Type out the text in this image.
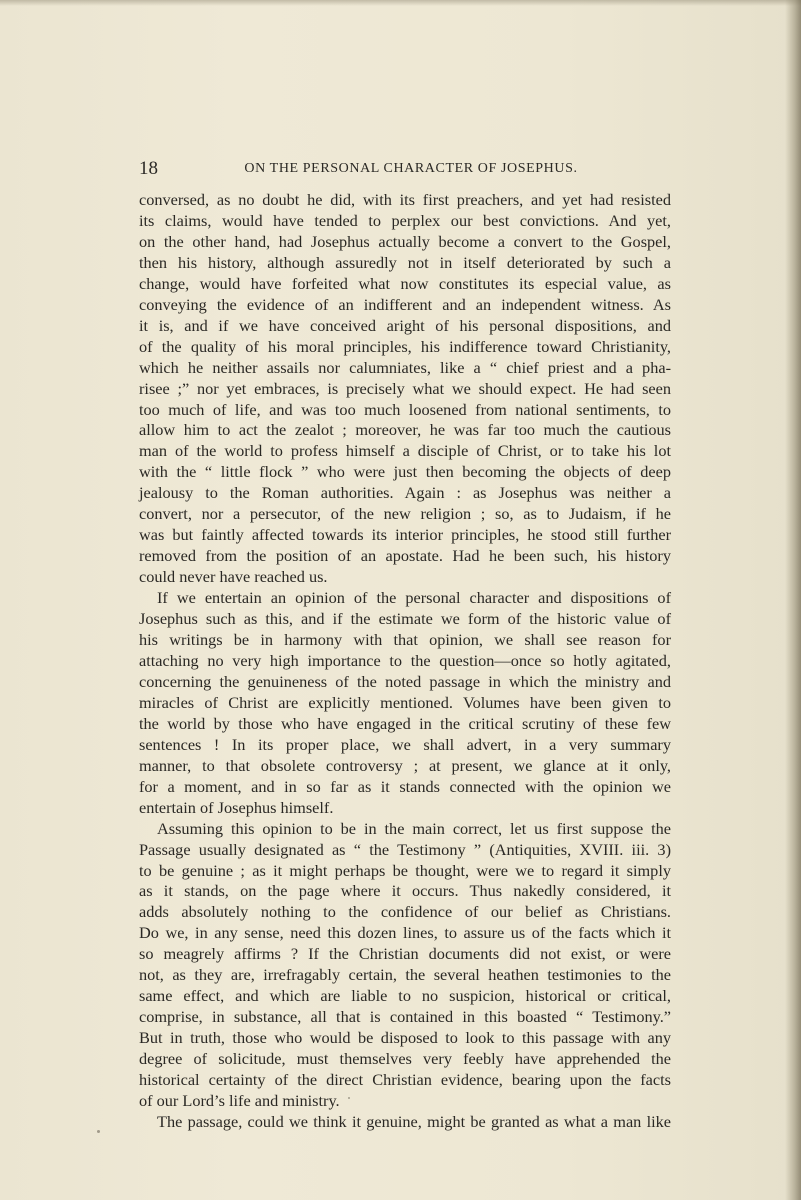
18	ON THE PERSONAL CHARACTER OF JOSEPHUS.
conversed, as no doubt he did, with its first preachers, and yet had resisted
its claims, would have tended to perplex our best convictions. And yet,
on the other hand, had Josephus actually become a convert to the Gospel,
then his history, although assuredly not in itself deteriorated by such a
change, would have forfeited what now constitutes its especial value, as
conveying the evidence of an indifferent and an independent witness. As
it is, and if we have conceived aright of his personal dispositions, and
of the quality of his moral principles, his indifference toward Christianity,
which he neither assails nor calumniates, like a “ chief priest and a pha-
risee ;” nor yet embraces, is precisely what we should expect. He had seen
too much of life, and was too much loosened from national sentiments, to
allow him to act the zealot ; moreover, he was far too much the cautious
man of the world to profess himself a disciple of Christ, or to take his lot
with the “ little flock ” who were just then becoming the objects of deep
jealousy to the Roman authorities. Again : as Josephus was neither a
convert, nor a persecutor, of the new religion ; so, as to Judaism, if he
was but faintly affected towards its interior principles, he stood still further
removed from the position of an apostate. Had he been such, his history
could never have reached us.
If we entertain an opinion of the personal character and dispositions of
Josephus such as this, and if the estimate we form of the historic value of
his writings be in harmony with that opinion, we shall see reason for
attaching no very high importance to the question—once so hotly agitated,
concerning the genuineness of the noted passage in which the ministry and
miracles of Christ are explicitly mentioned. Volumes have been given to
the world by those who have engaged in the critical scrutiny of these few
sentences ! In its proper place, we shall advert, in a very summary
manner, to that obsolete controversy ; at present, we glance at it only,
for a moment, and in so far as it stands connected with the opinion we
entertain of Josephus himself.
Assuming this opinion to be in the main correct, let us first suppose the
Passage usually designated as “ the Testimony ” (Antiquities, XVIII. iii. 3)
to be genuine ; as it might perhaps be thought, were we to regard it simply
as it stands, on the page where it occurs. Thus nakedly considered, it
adds absolutely nothing to the confidence of our belief as Christians.
Do we, in any sense, need this dozen lines, to assure us of the facts which it
so meagrely affirms ? If the Christian documents did not exist, or were
not, as they are, irrefragably certain, the several heathen testimonies to the
same effect, and which are liable to no suspicion, historical or critical,
comprise, in substance, all that is contained in this boasted “ Testimony.”
But in truth, those who would be disposed to look to this passage with any
degree of solicitude, must themselves very feebly have apprehended the
historical certainty of the direct Christian evidence, bearing upon the facts
of our Lord’s life and ministry.
The passage, could we think it genuine, might be granted as what a man like
